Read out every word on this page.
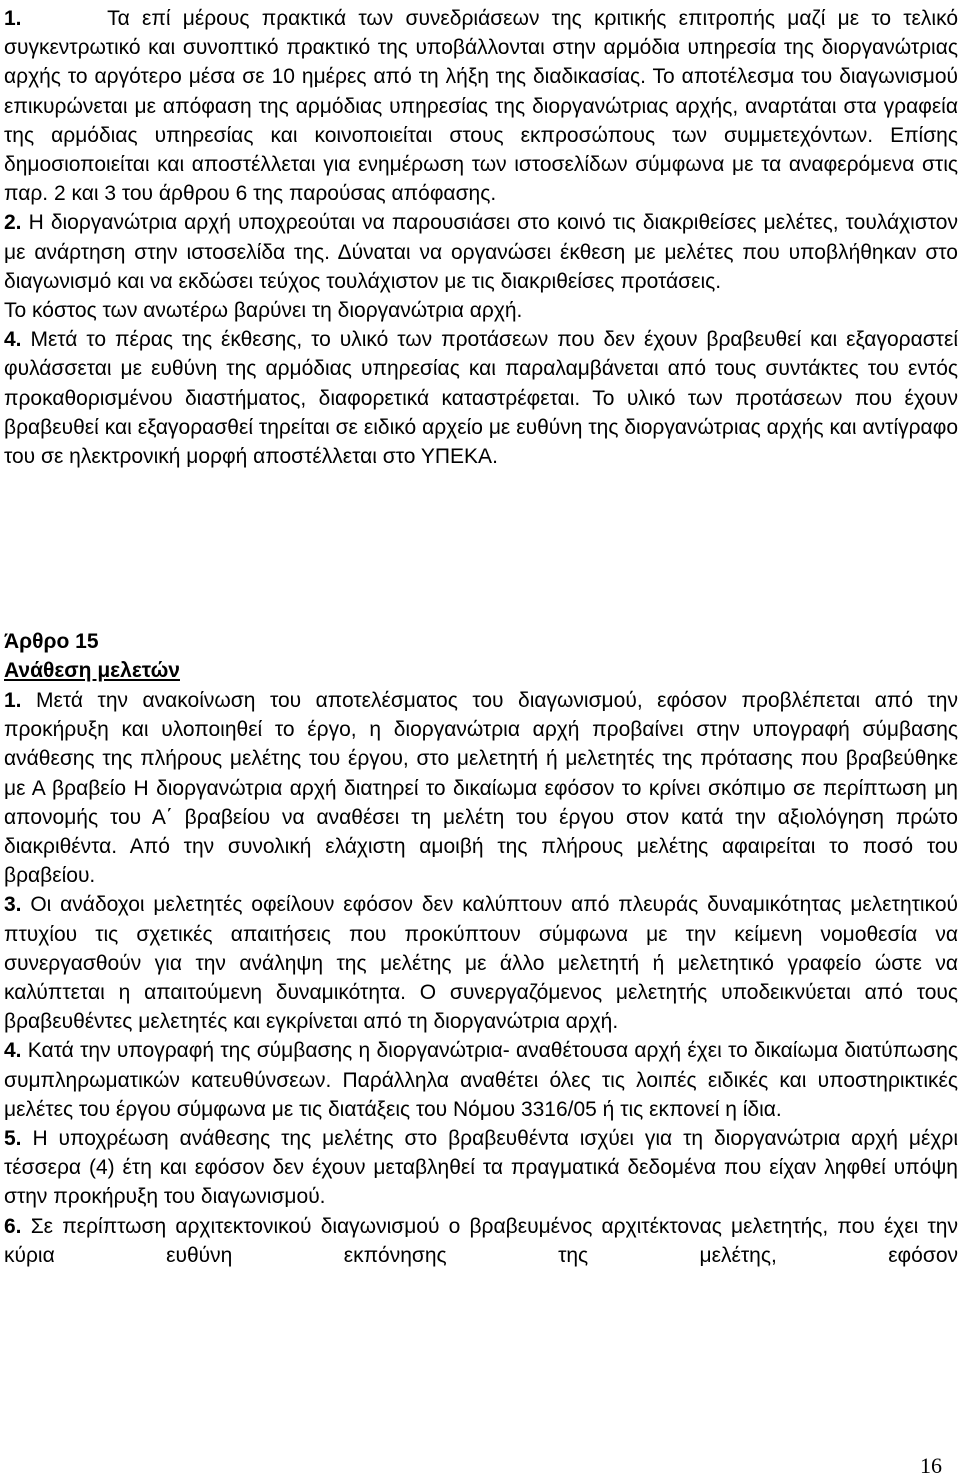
1.	Τα επί μέρους πρακτικά των συνεδριάσεων της κριτικής επιτροπής μαζί με το τελικό συγκεντρωτικό και συνοπτικό πρακτικό της υποβάλλονται στην αρμόδια υπηρεσία της διοργανώτριας αρχής το αργότερο μέσα σε 10 ημέρες από τη λήξη της διαδικασίας. Το αποτέλεσμα του διαγωνισμού επικυρώνεται με απόφαση της αρμόδιας υπηρεσίας της διοργανώτριας αρχής, αναρτάται στα γραφεία της αρμόδιας υπηρεσίας και κοινοποιείται στους εκπροσώπους των συμμετεχόντων. Επίσης δημοσιοποιείται και αποστέλλεται για ενημέρωση των ιστοσελίδων σύμφωνα με τα αναφερόμενα στις παρ. 2 και 3 του άρθρου 6 της παρούσας απόφασης.

2. Η διοργανώτρια αρχή υποχρεούται να παρουσιάσει στο κοινό τις διακριθείσες μελέτες, τουλάχιστον με ανάρτηση στην ιστοσελίδα της. Δύναται να οργανώσει έκθεση με μελέτες που υποβλήθηκαν στο διαγωνισμό και να εκδώσει τεύχος τουλάχιστον με τις διακριθείσες προτάσεις.

Το κόστος των ανωτέρω βαρύνει τη διοργανώτρια αρχή.

4. Μετά το πέρας της έκθεσης, το υλικό των προτάσεων που δεν έχουν βραβευθεί και εξαγοραστεί φυλάσσεται με ευθύνη της αρμόδιας υπηρεσίας και παραλαμβάνεται από τους συντάκτες του εντός προκαθορισμένου διαστήματος, διαφορετικά καταστρέφεται. Το υλικό των προτάσεων που έχουν βραβευθεί και εξαγορασθεί τηρείται σε ειδικό αρχείο με ευθύνη της διοργανώτριας αρχής και αντίγραφο του σε ηλεκτρονική μορφή αποστέλλεται στο ΥΠΕΚΑ.

Άρθρο 15

Ανάθεση μελετών

1. Μετά την ανακοίνωση του αποτελέσματος του διαγωνισμού, εφόσον προβλέπεται από την προκήρυξη και υλοποιηθεί το έργο, η διοργανώτρια αρχή προβαίνει στην υπογραφή σύμβασης ανάθεσης της πλήρους μελέτης του έργου, στο μελετητή ή μελετητές της πρότασης που βραβεύθηκε με Α βραβείο Η διοργανώτρια αρχή διατηρεί το δικαίωμα εφόσον το κρίνει σκόπιμο σε περίπτωση μη απονομής του Α΄ βραβείου να αναθέσει τη μελέτη του έργου στον κατά την αξιολόγηση πρώτο διακριθέντα. Από την συνολική ελάχιστη αμοιβή της πλήρους μελέτης αφαιρείται το ποσό του βραβείου.

3. Οι ανάδοχοι μελετητές οφείλουν εφόσον δεν καλύπτουν από πλευράς δυναμικότητας μελετητικού πτυχίου τις σχετικές απαιτήσεις που προκύπτουν σύμφωνα με την κείμενη νομοθεσία να συνεργασθούν για την ανάληψη της μελέτης με άλλο μελετητή ή μελετητικό γραφείο ώστε να καλύπτεται η απαιτούμενη δυναμικότητα. Ο συνεργαζόμενος μελετητής υποδεικνύεται από τους βραβευθέντες μελετητές και εγκρίνεται από τη διοργανώτρια αρχή.

4. Κατά την υπογραφή της σύμβασης η διοργανώτρια- αναθέτουσα αρχή έχει το δικαίωμα διατύπωσης συμπληρωματικών κατευθύνσεων. Παράλληλα αναθέτει όλες τις λοιπές ειδικές και υποστηρικτικές μελέτες του έργου σύμφωνα με τις διατάξεις του Νόμου 3316/05 ή τις εκπονεί η ίδια.

5. Η υποχρέωση ανάθεσης της μελέτης στο βραβευθέντα ισχύει για τη διοργανώτρια αρχή μέχρι τέσσερα (4) έτη και εφόσον δεν έχουν μεταβληθεί τα πραγματικά δεδομένα που είχαν ληφθεί υπόψη στην προκήρυξη του διαγωνισμού.

6. Σε περίπτωση αρχιτεκτονικού διαγωνισμού ο βραβευμένος αρχιτέκτονας μελετητής, που έχει την κύρια ευθύνη εκπόνησης της μελέτης, εφόσον

16
